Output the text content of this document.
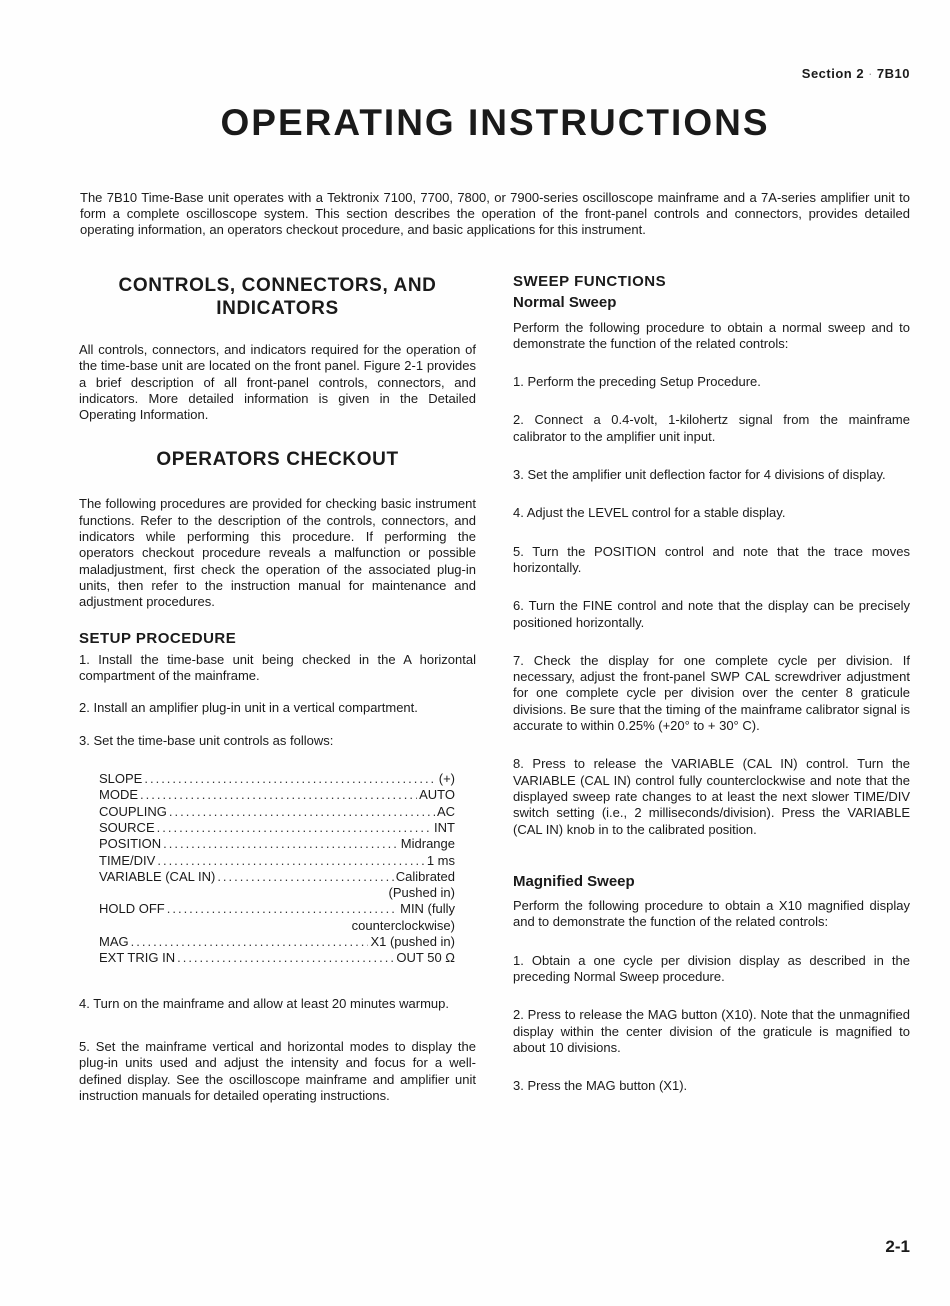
Section 2 · 7B10
OPERATING INSTRUCTIONS

The 7B10 Time-Base unit operates with a Tektronix 7100, 7700, 7800, or 7900-series oscilloscope mainframe and a 7A-series amplifier unit to form a complete oscilloscope system. This section describes the operation of the front-panel controls and connectors, provides detailed operating information, an operators checkout procedure, and basic applications for this instrument.

CONTROLS, CONNECTORS, AND INDICATORS

All controls, connectors, and indicators required for the operation of the time-base unit are located on the front panel. Figure 2-1 provides a brief description of all front-panel controls, connectors, and indicators. More detailed information is given in the Detailed Operating Information.

OPERATORS CHECKOUT

The following procedures are provided for checking basic instrument functions. Refer to the description of the controls, connectors, and indicators while performing this procedure. If performing the operators checkout procedure reveals a malfunction or possible maladjustment, first check the operation of the associated plug-in units, then refer to the instruction manual for maintenance and adjustment procedures.

SETUP PROCEDURE

1. Install the time-base unit being checked in the A horizontal compartment of the mainframe.

2. Install an amplifier plug-in unit in a vertical compartment.

3. Set the time-base unit controls as follows:

SLOPE .....	(+)
MODE .....	AUTO
COUPLING .....	AC
SOURCE .....	INT
POSITION .....	Midrange
TIME/DIV .....	1 ms
VARIABLE (CAL IN) .....	Calibrated
(Pushed in)
HOLD OFF .....	MIN (fully
counterclockwise)
MAG .....	X1 (pushed in)
EXT TRIG IN .....	OUT 50 Ω

4. Turn on the mainframe and allow at least 20 minutes warmup.

5. Set the mainframe vertical and horizontal modes to display the plug-in units used and adjust the intensity and focus for a well-defined display. See the oscilloscope mainframe and amplifier unit instruction manuals for detailed operating instructions.

SWEEP FUNCTIONS
Normal Sweep

Perform the following procedure to obtain a normal sweep and to demonstrate the function of the related controls:

1. Perform the preceding Setup Procedure.

2. Connect a 0.4-volt, 1-kilohertz signal from the mainframe calibrator to the amplifier unit input.

3. Set the amplifier unit deflection factor for 4 divisions of display.

4. Adjust the LEVEL control for a stable display.

5. Turn the POSITION control and note that the trace moves horizontally.

6. Turn the FINE control and note that the display can be precisely positioned horizontally.

7. Check the display for one complete cycle per division. If necessary, adjust the front-panel SWP CAL screwdriver adjustment for one complete cycle per division over the center 8 graticule divisions. Be sure that the timing of the mainframe calibrator signal is accurate to within 0.25% (+20° to + 30° C).

8. Press to release the VARIABLE (CAL IN) control. Turn the VARIABLE (CAL IN) control fully counterclockwise and note that the displayed sweep rate changes to at least the next slower TIME/DIV switch setting (i.e., 2 milliseconds/division). Press the VARIABLE (CAL IN) knob in to the calibrated position.

Magnified Sweep

Perform the following procedure to obtain a X10 magnified display and to demonstrate the function of the related controls:

1. Obtain a one cycle per division display as described in the preceding Normal Sweep procedure.

2. Press to release the MAG button (X10). Note that the unmagnified display within the center division of the graticule is magnified to about 10 divisions.

3. Press the MAG button (X1).

2-1
